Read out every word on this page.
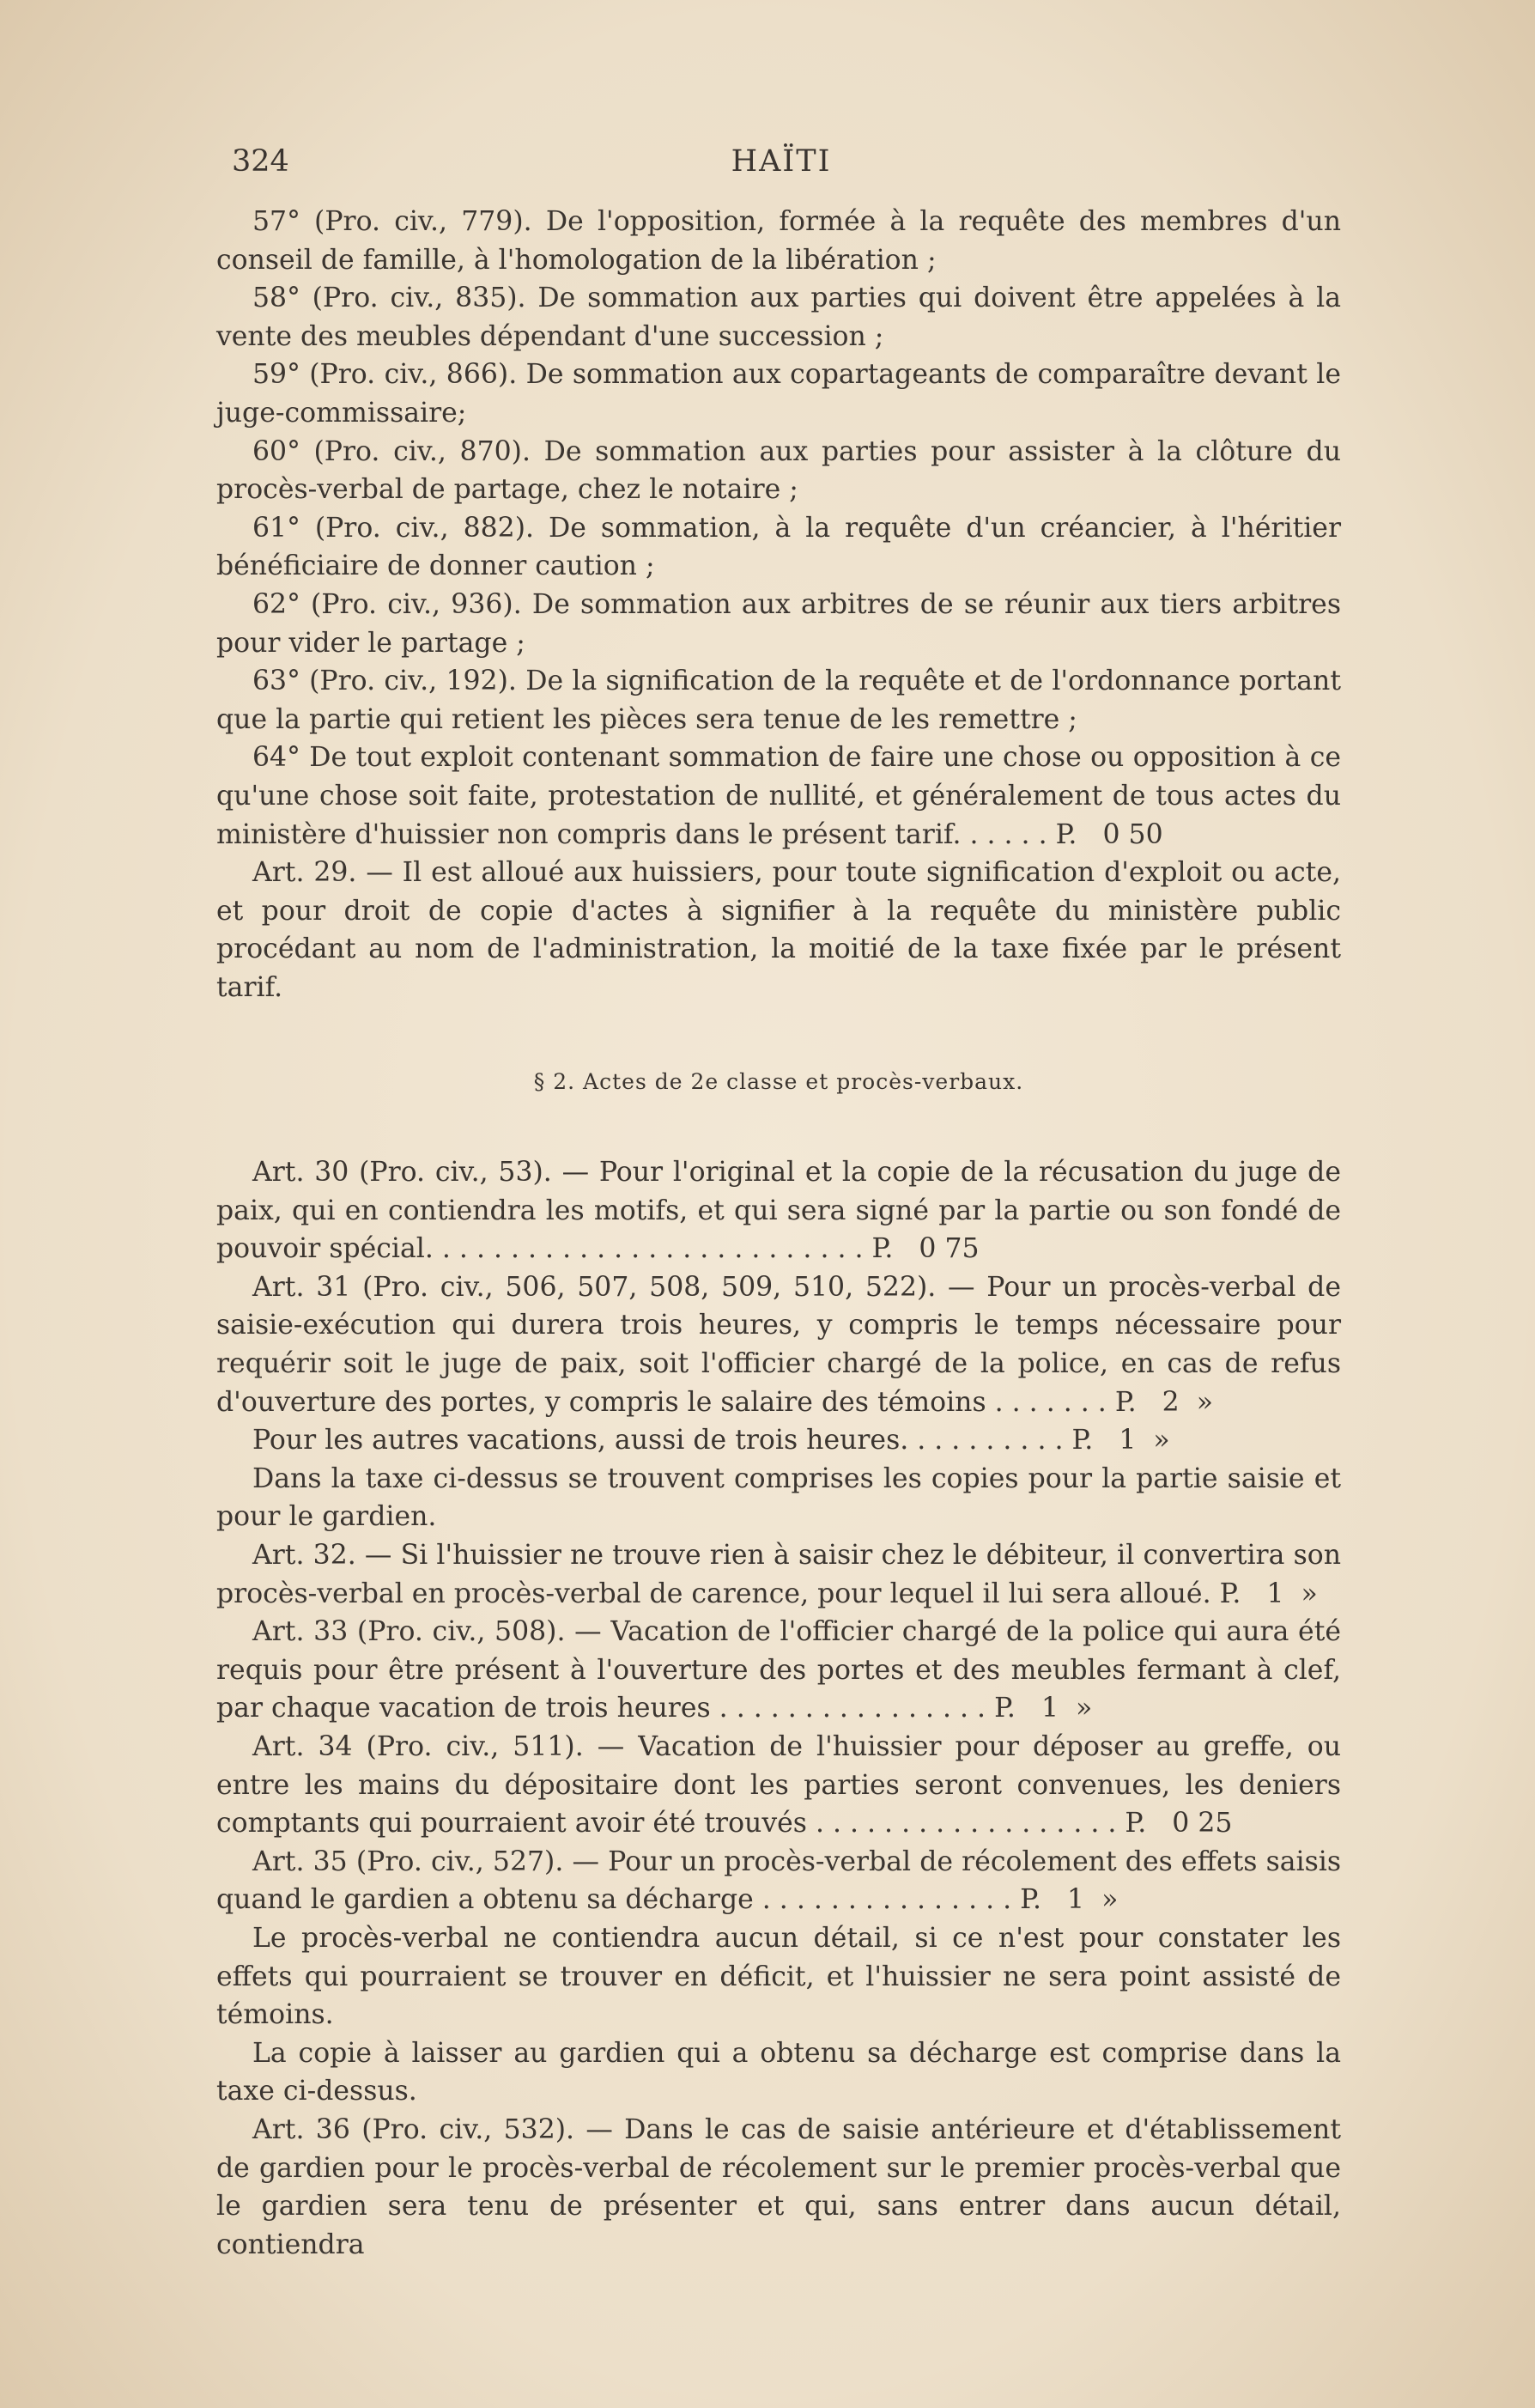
324	HAÏTI

57° (Pro. civ., 779). De l'opposition, formée à la requête des membres d'un conseil de famille, à l'homologation de la libération ;

58° (Pro. civ., 835). De sommation aux parties qui doivent être appelées à la vente des meubles dépendant d'une succession ;

59° (Pro. civ., 866). De sommation aux copartageants de comparaître devant le juge-commissaire;

60° (Pro. civ., 870). De sommation aux parties pour assister à la clôture du procès-verbal de partage, chez le notaire ;

61° (Pro. civ., 882). De sommation, à la requête d'un créancier, à l'héritier bénéficiaire de donner caution ;

62° (Pro. civ., 936). De sommation aux arbitres de se réunir aux tiers arbitres pour vider le partage ;

63° (Pro. civ., 192). De la signification de la requête et de l'ordonnance portant que la partie qui retient les pièces sera tenue de les remettre ;

64° De tout exploit contenant sommation de faire une chose ou opposition à ce qu'une chose soit faite, protestation de nullité, et généralement de tous actes du ministère d'huissier non compris dans le présent tarif. . . . . . P.   0 50

Art. 29. — Il est alloué aux huissiers, pour toute signification d'exploit ou acte, et pour droit de copie d'actes à signifier à la requête du ministère public procédant au nom de l'administration, la moitié de la taxe fixée par le présent tarif.

§ 2. Actes de 2e classe et procès-verbaux.

Art. 30 (Pro. civ., 53). — Pour l'original et la copie de la récusation du juge de paix, qui en contiendra les motifs, et qui sera signé par la partie ou son fondé de pouvoir spécial. . . . . . . . . . . . . . . . . . . . . . . . . . P.   0 75

Art. 31 (Pro. civ., 506, 507, 508, 509, 510, 522). — Pour un procès-verbal de saisie-exécution qui durera trois heures, y compris le temps nécessaire pour requérir soit le juge de paix, soit l'officier chargé de la police, en cas de refus d'ouverture des portes, y compris le salaire des témoins . . . . . . . P.   2  »

Pour les autres vacations, aussi de trois heures. . . . . . . . . . P.   1  »

Dans la taxe ci-dessus se trouvent comprises les copies pour la partie saisie et pour le gardien.

Art. 32. — Si l'huissier ne trouve rien à saisir chez le débiteur, il convertira son procès-verbal en procès-verbal de carence, pour lequel il lui sera alloué. P.   1  »

Art. 33 (Pro. civ., 508). — Vacation de l'officier chargé de la police qui aura été requis pour être présent à l'ouverture des portes et des meubles fermant à clef, par chaque vacation de trois heures . . . . . . . . . . . . . . . . P.   1  »

Art. 34 (Pro. civ., 511). — Vacation de l'huissier pour déposer au greffe, ou entre les mains du dépositaire dont les parties seront convenues, les deniers comptants qui pourraient avoir été trouvés . . . . . . . . . . . . . . . . . . P.   0 25

Art. 35 (Pro. civ., 527). — Pour un procès-verbal de récolement des effets saisis quand le gardien a obtenu sa décharge . . . . . . . . . . . . . . . P.   1  »

Le procès-verbal ne contiendra aucun détail, si ce n'est pour constater les effets qui pourraient se trouver en déficit, et l'huissier ne sera point assisté de témoins.

La copie à laisser au gardien qui a obtenu sa décharge est comprise dans la taxe ci-dessus.

Art. 36 (Pro. civ., 532). — Dans le cas de saisie antérieure et d'établissement de gardien pour le procès-verbal de récolement sur le premier procès-verbal que le gardien sera tenu de présenter et qui, sans entrer dans aucun détail, contiendra
